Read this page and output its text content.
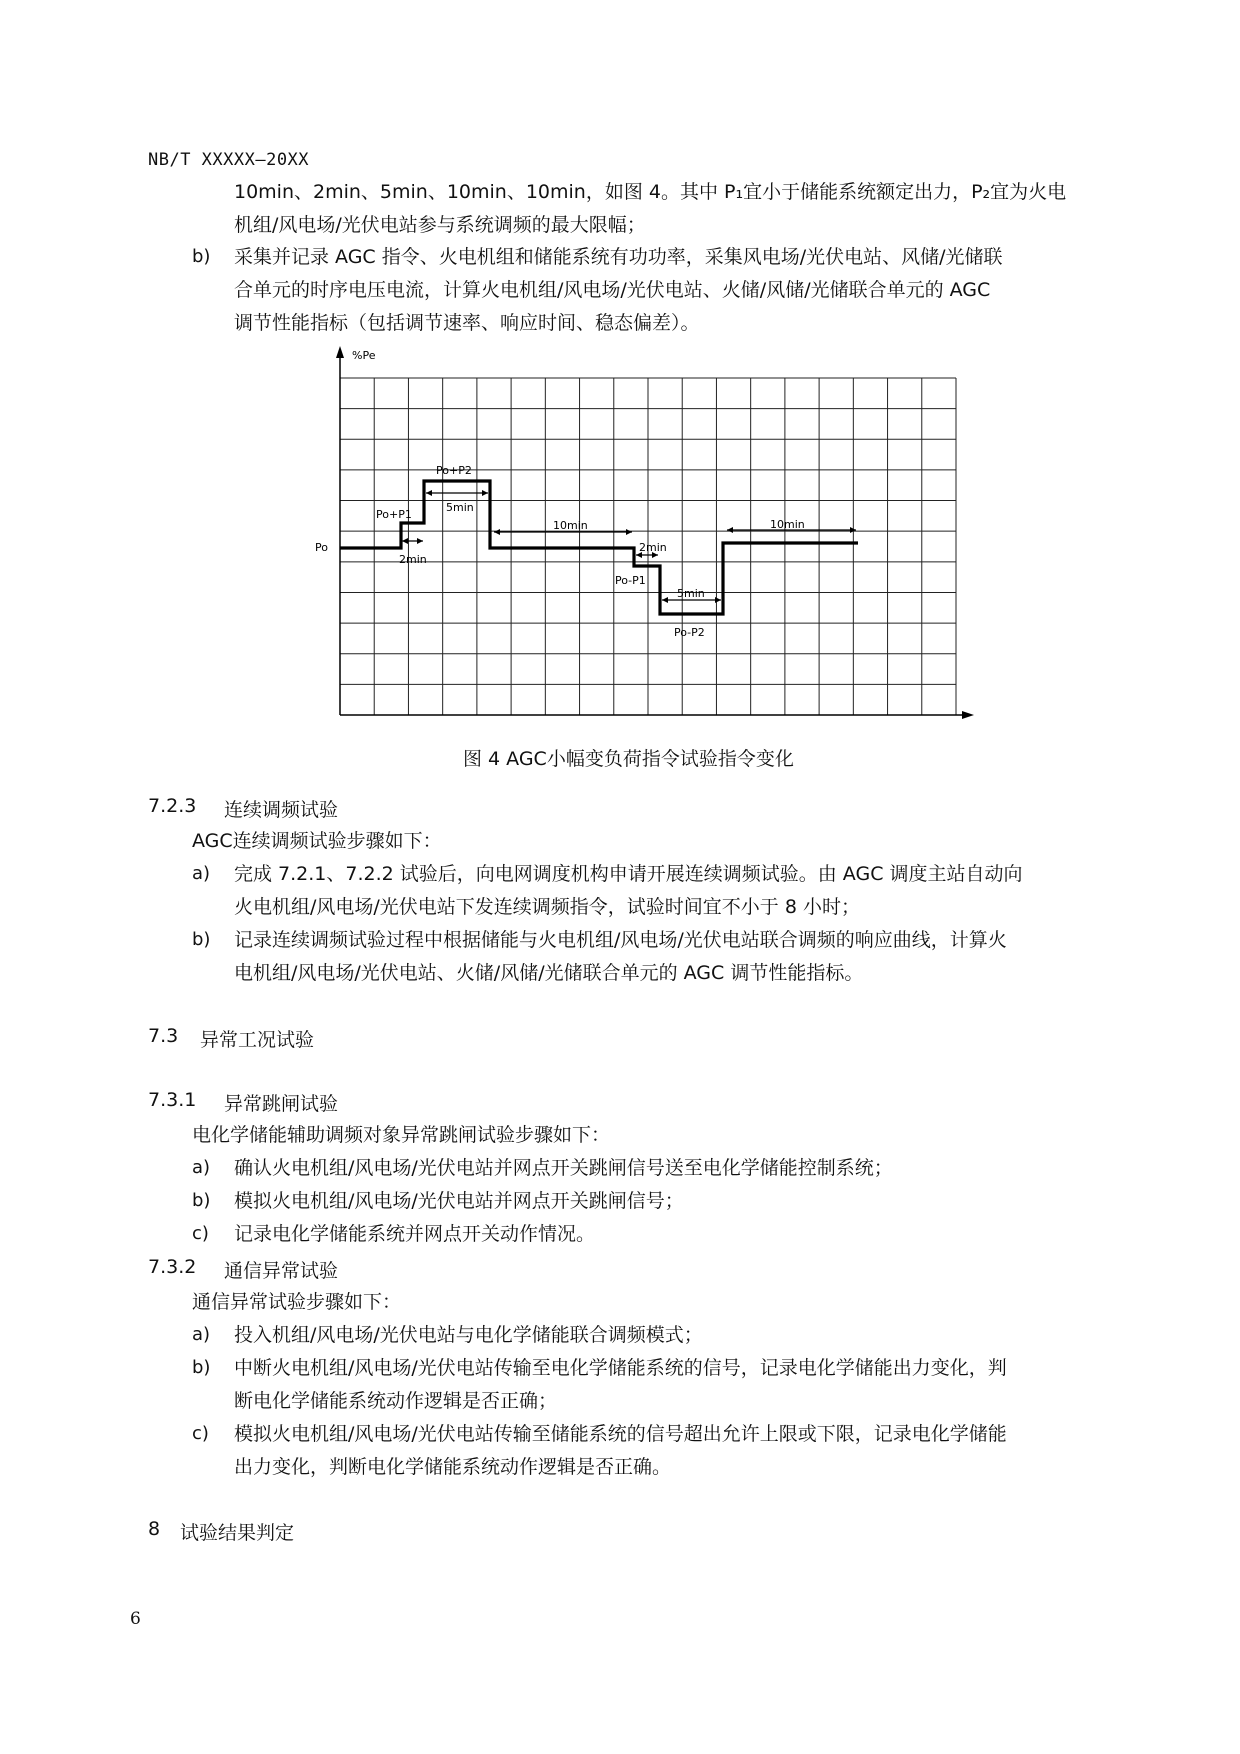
NB/T XXXXX—20XX
10min、2min、5min、10min、10min，如图 4。其中 P₁宜小于储能系统额定出力，P₂宜为火电
机组/风电场/光伏电站参与系统调频的最大限幅；
b) 采集并记录 AGC 指令、火电机组和储能系统有功功率，采集风电场/光伏电站、风储/光储联
合单元的时序电压电流，计算火电机组/风电场/光伏电站、火储/风储/光储联合单元的 AGC
调节性能指标（包括调节速率、响应时间、稳态偏差）。
%Pe
Po
Po+P1
Po+P2
Po-P1
Po-P2
2min
5min
10min
2min
5min
10min
图 4 AGC小幅变负荷指令试验指令变化
7.2.3 连续调频试验
AGC连续调频试验步骤如下：
a) 完成 7.2.1、7.2.2 试验后，向电网调度机构申请开展连续调频试验。由 AGC 调度主站自动向
火电机组/风电场/光伏电站下发连续调频指令，试验时间宜不小于 8 小时；
b) 记录连续调频试验过程中根据储能与火电机组/风电场/光伏电站联合调频的响应曲线，计算火
电机组/风电场/光伏电站、火储/风储/光储联合单元的 AGC 调节性能指标。
7.3 异常工况试验
7.3.1 异常跳闸试验
电化学储能辅助调频对象异常跳闸试验步骤如下：
a) 确认火电机组/风电场/光伏电站并网点开关跳闸信号送至电化学储能控制系统；
b) 模拟火电机组/风电场/光伏电站并网点开关跳闸信号；
c) 记录电化学储能系统并网点开关动作情况。
7.3.2 通信异常试验
通信异常试验步骤如下：
a) 投入机组/风电场/光伏电站与电化学储能联合调频模式；
b) 中断火电机组/风电场/光伏电站传输至电化学储能系统的信号，记录电化学储能出力变化，判
断电化学储能系统动作逻辑是否正确；
c) 模拟火电机组/风电场/光伏电站传输至储能系统的信号超出允许上限或下限，记录电化学储能
出力变化，判断电化学储能系统动作逻辑是否正确。
8 试验结果判定
6
